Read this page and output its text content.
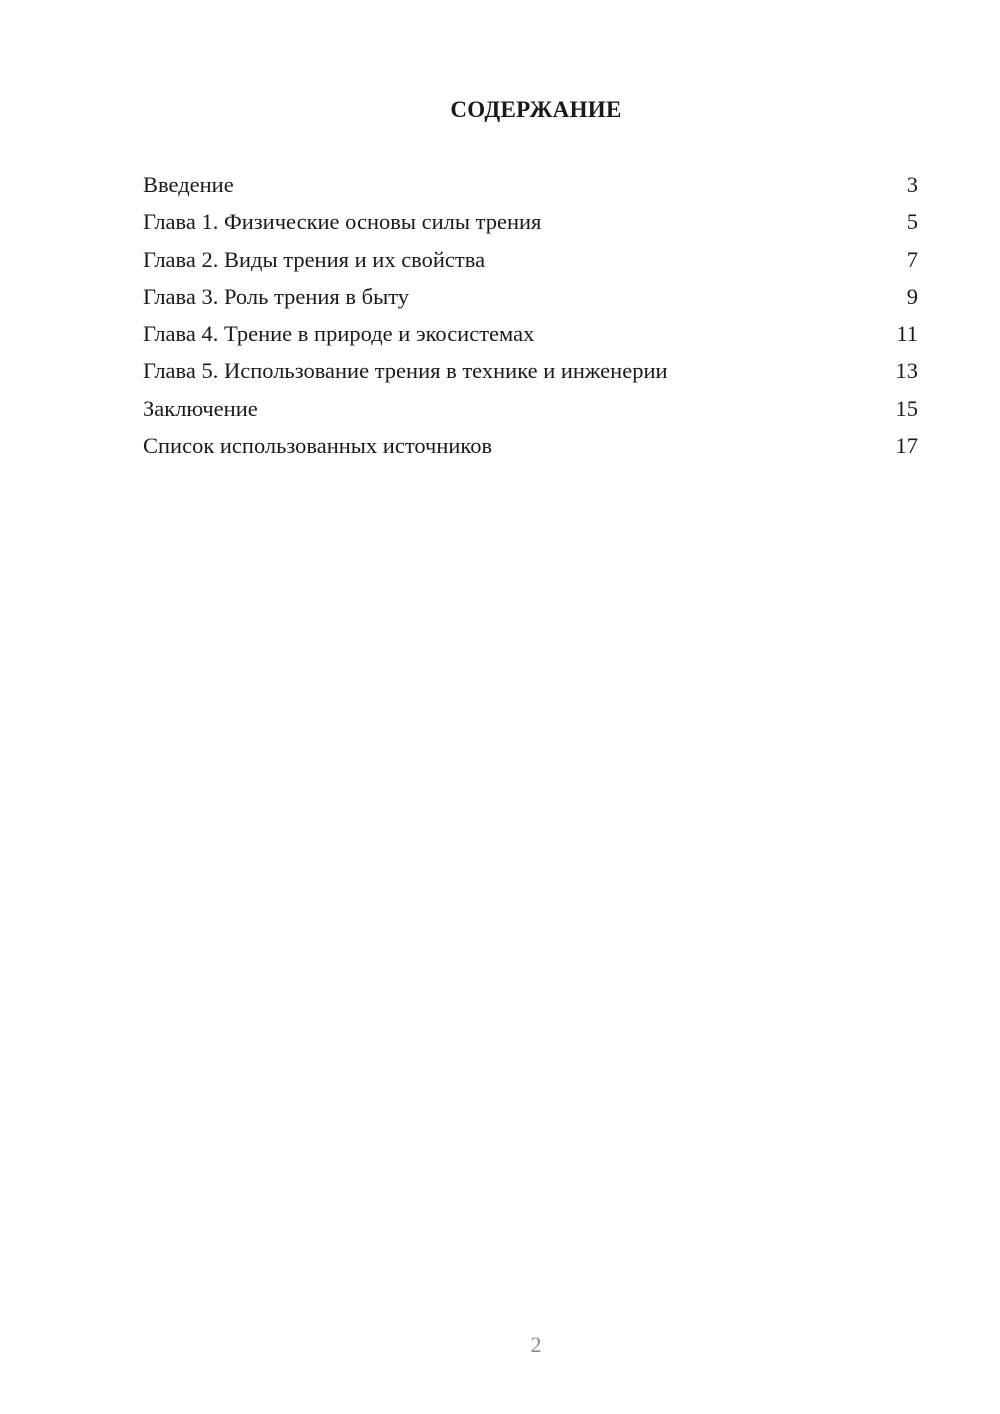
СОДЕРЖАНИЕ
Введение	3
Глава 1. Физические основы силы трения	5
Глава 2. Виды трения и их свойства	7
Глава 3. Роль трения в быту	9
Глава 4. Трение в природе и экосистемах	11
Глава 5. Использование трения в технике и инженерии	13
Заключение	15
Список использованных источников	17
2
